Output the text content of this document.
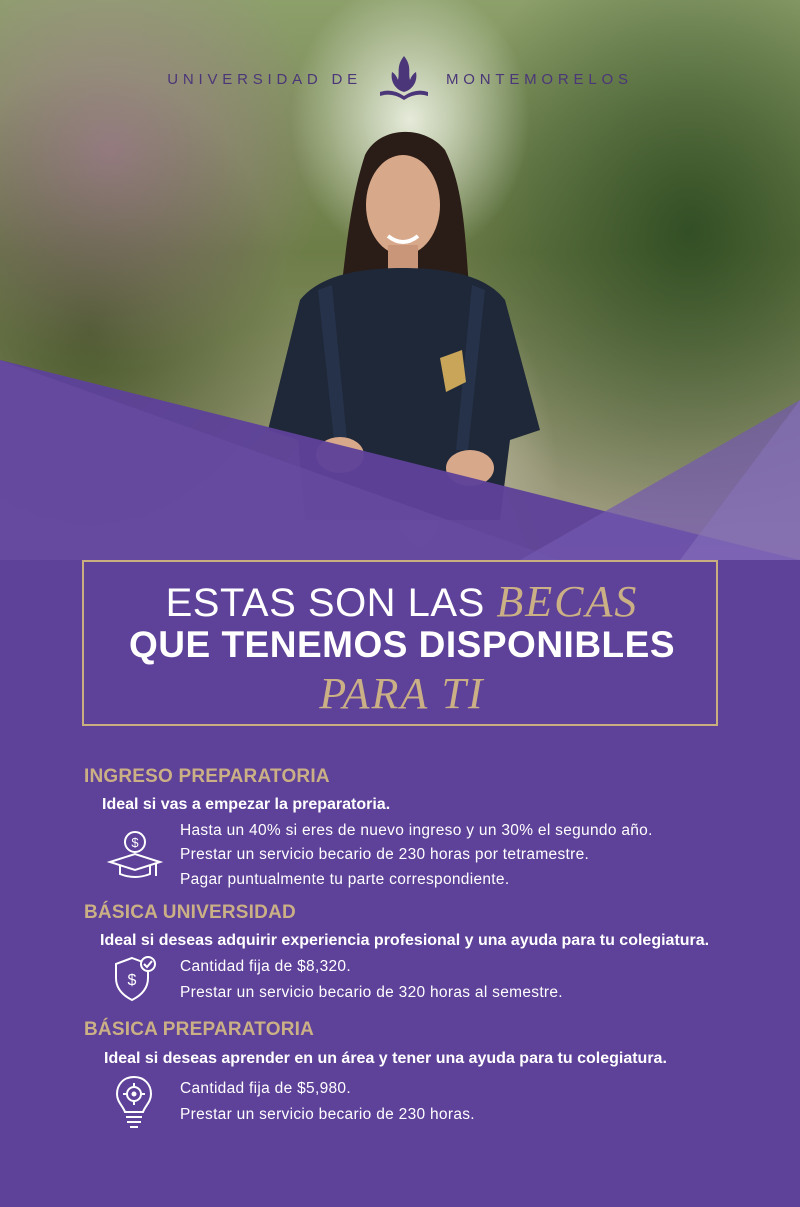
UNIVERSIDAD DE	MONTEMORELOS
ESTAS SON LAS BECAS
QUE TENEMOS DISPONIBLES
PARA TI
INGRESO PREPARATORIA
Ideal si vas a empezar la preparatoria.
$
Hasta un 40% si eres de nuevo ingreso y un 30% el segundo año.
Prestar un servicio becario de 230 horas por tetramestre.
Pagar puntualmente tu parte correspondiente.
BÁSICA UNIVERSIDAD
Ideal si deseas adquirir experiencia profesional y una ayuda para tu colegiatura.
$
Cantidad fija de $8,320.
Prestar un servicio becario de 320 horas al semestre.
BÁSICA PREPARATORIA
Ideal si deseas aprender en un área y tener una ayuda para tu colegiatura.
Cantidad fija de $5,980.
Prestar un servicio becario de 230 horas.
